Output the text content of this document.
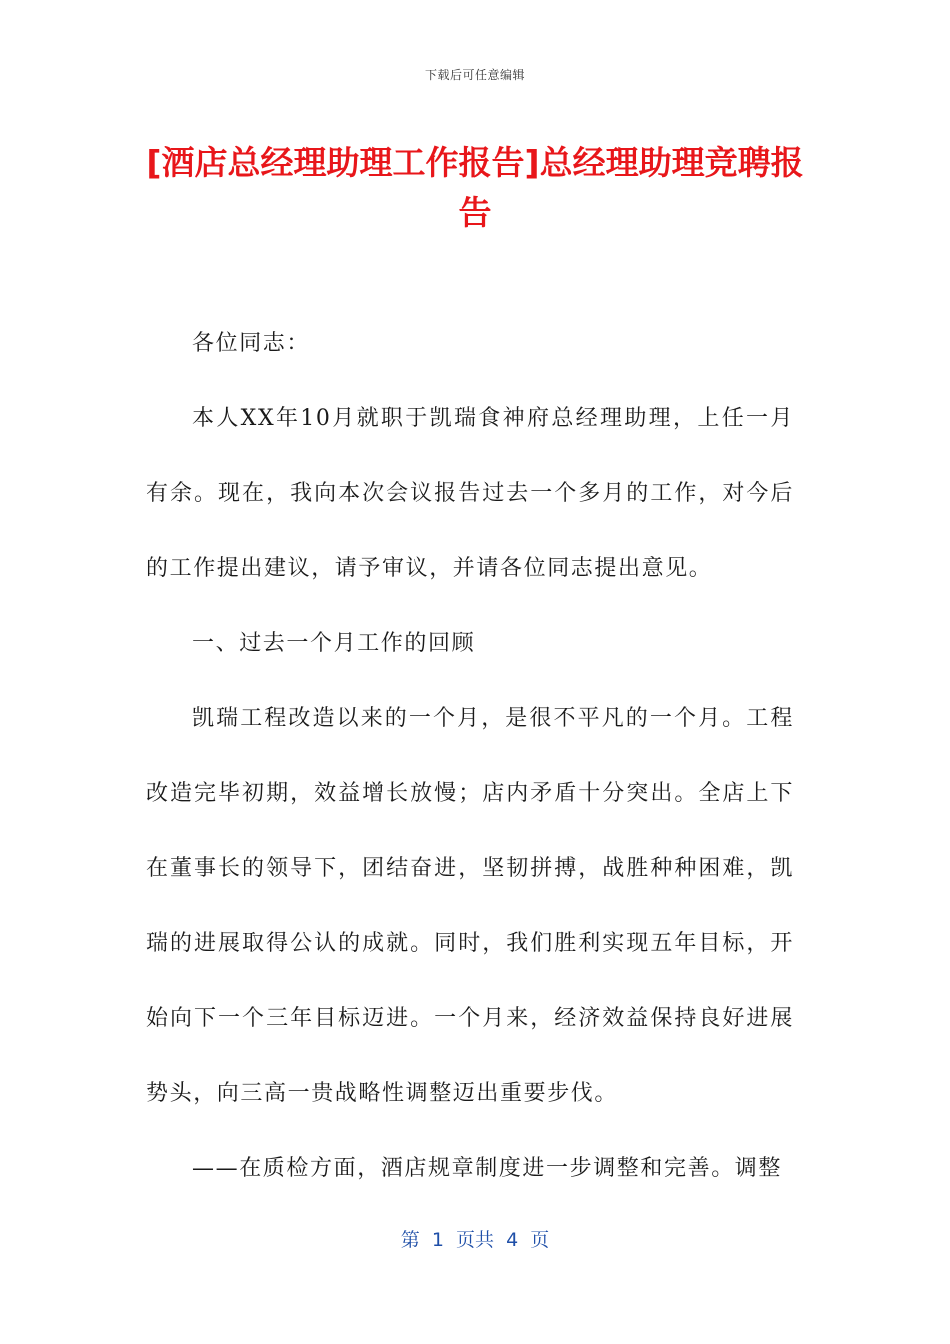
下载后可任意编辑
[酒店总经理助理工作报告]总经理助理竞聘报告

各位同志：

本人XX年10月就职于凯瑞食神府总经理助理，上任一月有余。现在，我向本次会议报告过去一个多月的工作，对今后的工作提出建议，请予审议，并请各位同志提出意见。

一、过去一个月工作的回顾

凯瑞工程改造以来的一个月，是很不平凡的一个月。工程改造完毕初期，效益增长放慢；店内矛盾十分突出。全店上下在董事长的领导下，团结奋进，坚韧拼搏，战胜种种困难，凯瑞的进展取得公认的成就。同时，我们胜利实现五年目标，开始向下一个三年目标迈进。一个月来，经济效益保持良好进展势头，向三高一贵战略性调整迈出重要步伐。

——在质检方面，酒店规章制度进一步调整和完善。调整

第  1  页共  4  页
